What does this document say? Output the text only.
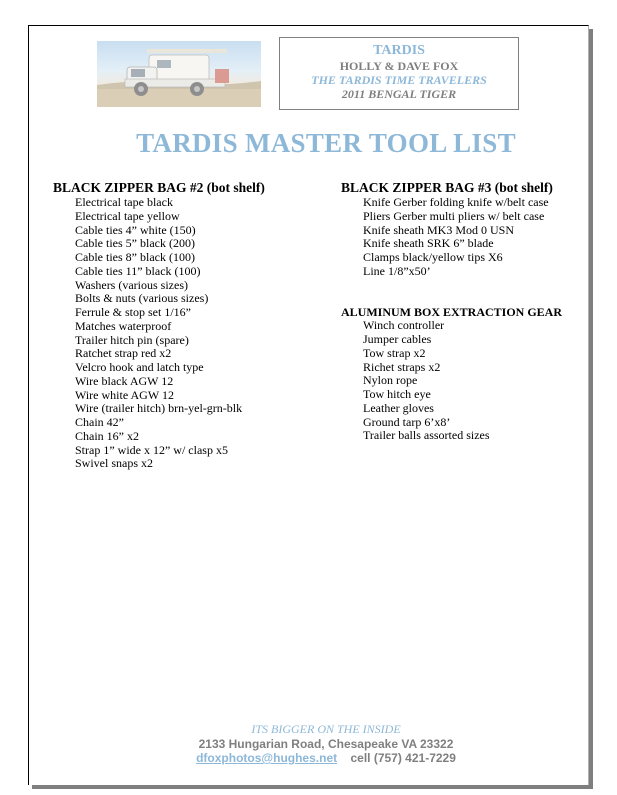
TARDIS
HOLLY & DAVE FOX
THE TARDIS TIME TRAVELERS
2011 BENGAL TIGER
TARDIS MASTER TOOL LIST
BLACK ZIPPER BAG #2 (bot shelf)
Electrical tape black
Electrical tape yellow
Cable ties 4” white (150)
Cable ties 5” black (200)
Cable ties 8” black (100)
Cable ties 11” black (100)
Washers (various sizes)
Bolts & nuts (various sizes)
Ferrule & stop set 1/16”
Matches waterproof
Trailer hitch pin (spare)
Ratchet strap red x2
Velcro hook and latch type
Wire black AGW 12
Wire white AGW 12
Wire (trailer hitch) brn-yel-grn-blk
Chain 42”
Chain 16” x2
Strap 1” wide x 12” w/ clasp x5
Swivel snaps x2
BLACK ZIPPER BAG #3 (bot shelf)
Knife Gerber folding knife w/belt case
Pliers Gerber multi pliers w/ belt case
Knife sheath MK3 Mod 0 USN
Knife sheath SRK 6” blade
Clamps black/yellow tips X6
Line 1/8”x50’
ALUMINUM BOX EXTRACTION GEAR
Winch controller
Jumper cables
Tow strap x2
Richet straps x2
Nylon rope
Tow hitch eye
Leather gloves
Ground tarp 6’x8’
Trailer balls assorted sizes
ITS BIGGER ON THE INSIDE
2133 Hungarian Road, Chesapeake VA 23322
dfoxphotos@hughes.net cell (757) 421-7229
